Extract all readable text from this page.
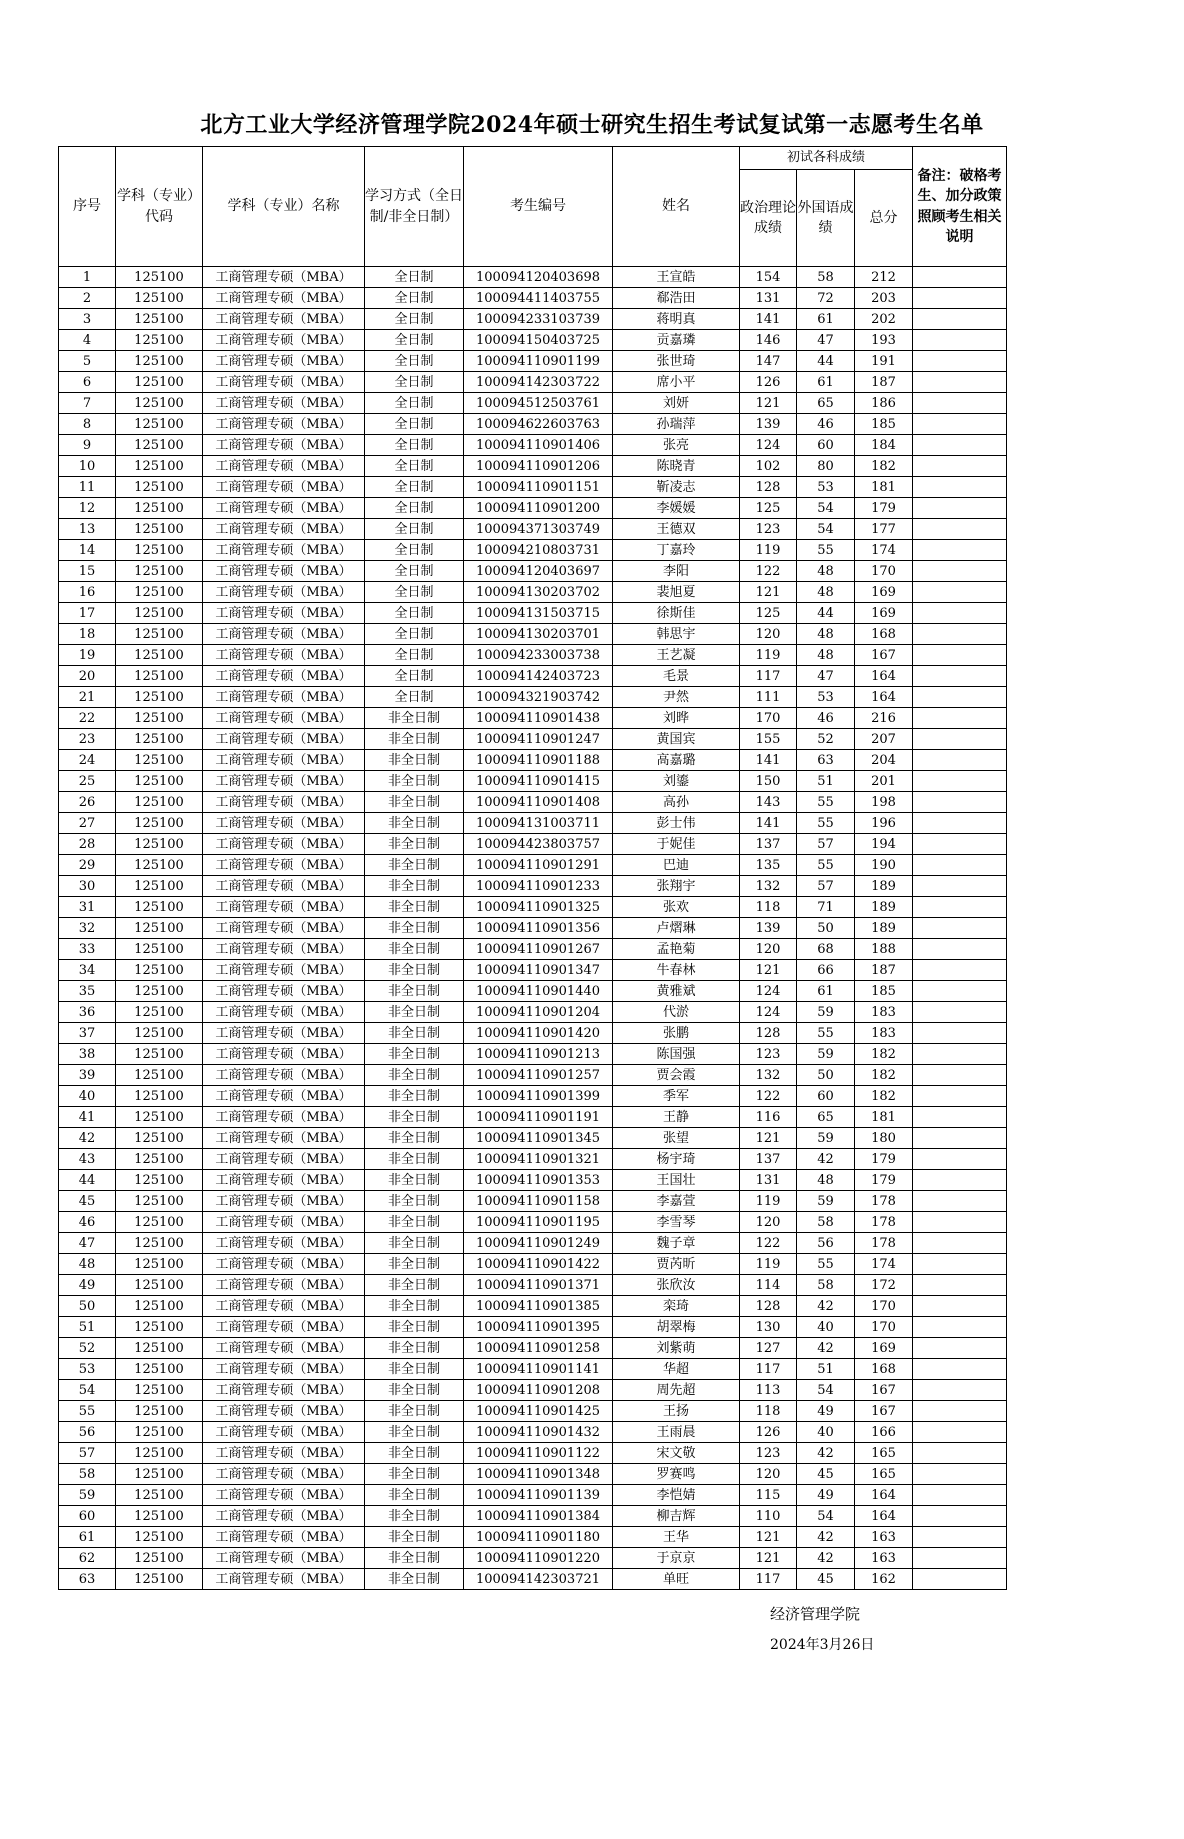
北方工业大学经济管理学院2024年硕士研究生招生考试复试第一志愿考生名单
序号	学科（专业）代码	学科（专业）名称	学习方式（全日制/非全日制）	考生编号	姓名	初试各科成绩			备注：破格考生、加分政策照顾考生相关说明
						政治理论成绩	外国语成绩	总分	
1	125100	工商管理专硕（MBA）	全日制	100094120403698	王宣皓	154	58	212	
2	125100	工商管理专硕（MBA）	全日制	100094411403755	郗浩田	131	72	203	
3	125100	工商管理专硕（MBA）	全日制	100094233103739	蒋明真	141	61	202	
4	125100	工商管理专硕（MBA）	全日制	100094150403725	贡嘉璘	146	47	193	
5	125100	工商管理专硕（MBA）	全日制	100094110901199	张世琦	147	44	191	
6	125100	工商管理专硕（MBA）	全日制	100094142303722	席小平	126	61	187	
7	125100	工商管理专硕（MBA）	全日制	100094512503761	刘妍	121	65	186	
8	125100	工商管理专硕（MBA）	全日制	100094622603763	孙瑞萍	139	46	185	
9	125100	工商管理专硕（MBA）	全日制	100094110901406	张亮	124	60	184	
10	125100	工商管理专硕（MBA）	全日制	100094110901206	陈晓青	102	80	182	
11	125100	工商管理专硕（MBA）	全日制	100094110901151	靳凌志	128	53	181	
12	125100	工商管理专硕（MBA）	全日制	100094110901200	李媛媛	125	54	179	
13	125100	工商管理专硕（MBA）	全日制	100094371303749	王德双	123	54	177	
14	125100	工商管理专硕（MBA）	全日制	100094210803731	丁嘉玲	119	55	174	
15	125100	工商管理专硕（MBA）	全日制	100094120403697	李阳	122	48	170	
16	125100	工商管理专硕（MBA）	全日制	100094130203702	裴旭夏	121	48	169	
17	125100	工商管理专硕（MBA）	全日制	100094131503715	徐斯佳	125	44	169	
18	125100	工商管理专硕（MBA）	全日制	100094130203701	韩思宇	120	48	168	
19	125100	工商管理专硕（MBA）	全日制	100094233003738	王艺凝	119	48	167	
20	125100	工商管理专硕（MBA）	全日制	100094142403723	毛景	117	47	164	
21	125100	工商管理专硕（MBA）	全日制	100094321903742	尹然	111	53	164	
22	125100	工商管理专硕（MBA）	非全日制	100094110901438	刘晔	170	46	216	
23	125100	工商管理专硕（MBA）	非全日制	100094110901247	黄国宾	155	52	207	
24	125100	工商管理专硕（MBA）	非全日制	100094110901188	高嘉璐	141	63	204	
25	125100	工商管理专硕（MBA）	非全日制	100094110901415	刘鎏	150	51	201	
26	125100	工商管理专硕（MBA）	非全日制	100094110901408	高孙	143	55	198	
27	125100	工商管理专硕（MBA）	非全日制	100094131003711	彭士伟	141	55	196	
28	125100	工商管理专硕（MBA）	非全日制	100094423803757	于妮佳	137	57	194	
29	125100	工商管理专硕（MBA）	非全日制	100094110901291	巴迪	135	55	190	
30	125100	工商管理专硕（MBA）	非全日制	100094110901233	张翔宇	132	57	189	
31	125100	工商管理专硕（MBA）	非全日制	100094110901325	张欢	118	71	189	
32	125100	工商管理专硕（MBA）	非全日制	100094110901356	卢熠琳	139	50	189	
33	125100	工商管理专硕（MBA）	非全日制	100094110901267	孟艳菊	120	68	188	
34	125100	工商管理专硕（MBA）	非全日制	100094110901347	牛春林	121	66	187	
35	125100	工商管理专硕（MBA）	非全日制	100094110901440	黄雅斌	124	61	185	
36	125100	工商管理专硕（MBA）	非全日制	100094110901204	代淤	124	59	183	
37	125100	工商管理专硕（MBA）	非全日制	100094110901420	张鹏	128	55	183	
38	125100	工商管理专硕（MBA）	非全日制	100094110901213	陈国强	123	59	182	
39	125100	工商管理专硕（MBA）	非全日制	100094110901257	贾会霞	132	50	182	
40	125100	工商管理专硕（MBA）	非全日制	100094110901399	季军	122	60	182	
41	125100	工商管理专硕（MBA）	非全日制	100094110901191	王静	116	65	181	
42	125100	工商管理专硕（MBA）	非全日制	100094110901345	张望	121	59	180	
43	125100	工商管理专硕（MBA）	非全日制	100094110901321	杨宇琦	137	42	179	
44	125100	工商管理专硕（MBA）	非全日制	100094110901353	王国壮	131	48	179	
45	125100	工商管理专硕（MBA）	非全日制	100094110901158	李嘉萱	119	59	178	
46	125100	工商管理专硕（MBA）	非全日制	100094110901195	李雪琴	120	58	178	
47	125100	工商管理专硕（MBA）	非全日制	100094110901249	魏子章	122	56	178	
48	125100	工商管理专硕（MBA）	非全日制	100094110901422	贾芮昕	119	55	174	
49	125100	工商管理专硕（MBA）	非全日制	100094110901371	张欣汝	114	58	172	
50	125100	工商管理专硕（MBA）	非全日制	100094110901385	栾琦	128	42	170	
51	125100	工商管理专硕（MBA）	非全日制	100094110901395	胡翠梅	130	40	170	
52	125100	工商管理专硕（MBA）	非全日制	100094110901258	刘紫萌	127	42	169	
53	125100	工商管理专硕（MBA）	非全日制	100094110901141	华超	117	51	168	
54	125100	工商管理专硕（MBA）	非全日制	100094110901208	周先超	113	54	167	
55	125100	工商管理专硕（MBA）	非全日制	100094110901425	王扬	118	49	167	
56	125100	工商管理专硕（MBA）	非全日制	100094110901432	王雨晨	126	40	166	
57	125100	工商管理专硕（MBA）	非全日制	100094110901122	宋文敬	123	42	165	
58	125100	工商管理专硕（MBA）	非全日制	100094110901348	罗赛鸣	120	45	165	
59	125100	工商管理专硕（MBA）	非全日制	100094110901139	李恺婧	115	49	164	
60	125100	工商管理专硕（MBA）	非全日制	100094110901384	柳吉辉	110	54	164	
61	125100	工商管理专硕（MBA）	非全日制	100094110901180	王华	121	42	163	
62	125100	工商管理专硕（MBA）	非全日制	100094110901220	于京京	121	42	163	
63	125100	工商管理专硕（MBA）	非全日制	100094142303721	单旺	117	45	162	
经济管理学院
2024年3月26日
